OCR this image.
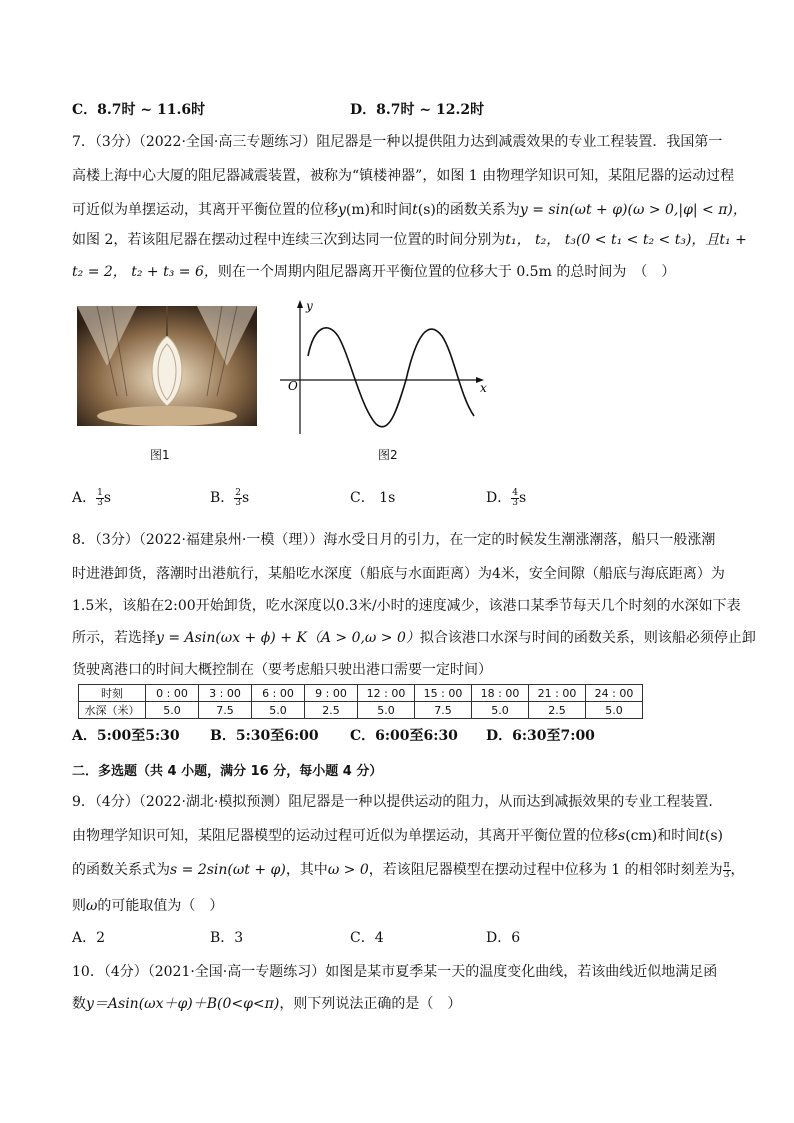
C．8.7时 ~ 11.6时	D．8.7时 ~ 12.2时
7．（3分）（2022·全国·高三专题练习）阻尼器是一种以提供阻力达到减震效果的专业工程装置．我国第一
高楼上海中心大厦的阻尼器减震装置，被称为“镇楼神器”，如图 1 由物理学知识可知，某阻尼器的运动过程
可近似为单摆运动，其离开平衡位置的位移y(m)和时间t(s)的函数关系为y = sin(ωt + φ)(ω > 0,|φ| < π)，
如图 2，若该阻尼器在摆动过程中连续三次到达同一位置的时间分别为t₁， t₂， t₃(0 < t₁ < t₂ < t₃)，且t₁ +
t₂ = 2， t₂ + t₃ = 6，则在一个周期内阻尼器离开平衡位置的位移大于 0.5m 的总时间为　（　）
图1
y
x
O
图2
A． $\frac{1}{3}$ s	B． $\frac{2}{3}$ s	C． 1s	D． $\frac{4}{3}$ s
8．（3分）（2022·福建泉州·一模（理））海水受日月的引力，在一定的时候发生潮涨潮落，船只一般涨潮
时进港卸货，落潮时出港航行，某船吃水深度（船底与水面距离）为4米，安全间隙（船底与海底距离）为
1.5米，该船在2:00开始卸货，吃水深度以0.3米/小时的速度减少，该港口某季节每天几个时刻的水深如下表
所示，若选择y = Asin(ωx + ϕ) + K（A > 0,ω > 0）拟合该港口水深与时间的函数关系，则该船必须停止卸
货驶离港口的时间大概控制在（要考虑船只驶出港口需要一定时间）
时刻	0 : 00	3 : 00	6 : 00	9 : 00	12 : 00	15 : 00	18 : 00	21 : 00	24 : 00
水深（米）	5.0	7.5	5.0	2.5	5.0	7.5	5.0	2.5	5.0
A．5:00至5:30 B．5:30至6:00 C．6:00至6:30 D．6:30至7:00
二．多选题（共 4 小题，满分 16 分，每小题 4 分）
9．（4分）（2022·湖北·模拟预测）阻尼器是一种以提供运动的阻力，从而达到减振效果的专业工程装置.
由物理学知识可知，某阻尼器模型的运动过程可近似为单摆运动，其离开平衡位置的位移s(cm)和时间t(s)
的函数关系式为s = 2sin(ωt + φ)，其中ω > 0，若该阻尼器模型在摆动过程中位移为 1 的相邻时刻差为 $\frac{\pi}{3}$ ，
则ω的可能取值为（　）
A．2	B．3	C．4	D．6
10．（4分）（2021·全国·高一专题练习）如图是某市夏季某一天的温度变化曲线，若该曲线近似地满足函
数y＝Asin(ωx＋φ)＋B(0<φ<π)，则下列说法正确的是（　）
